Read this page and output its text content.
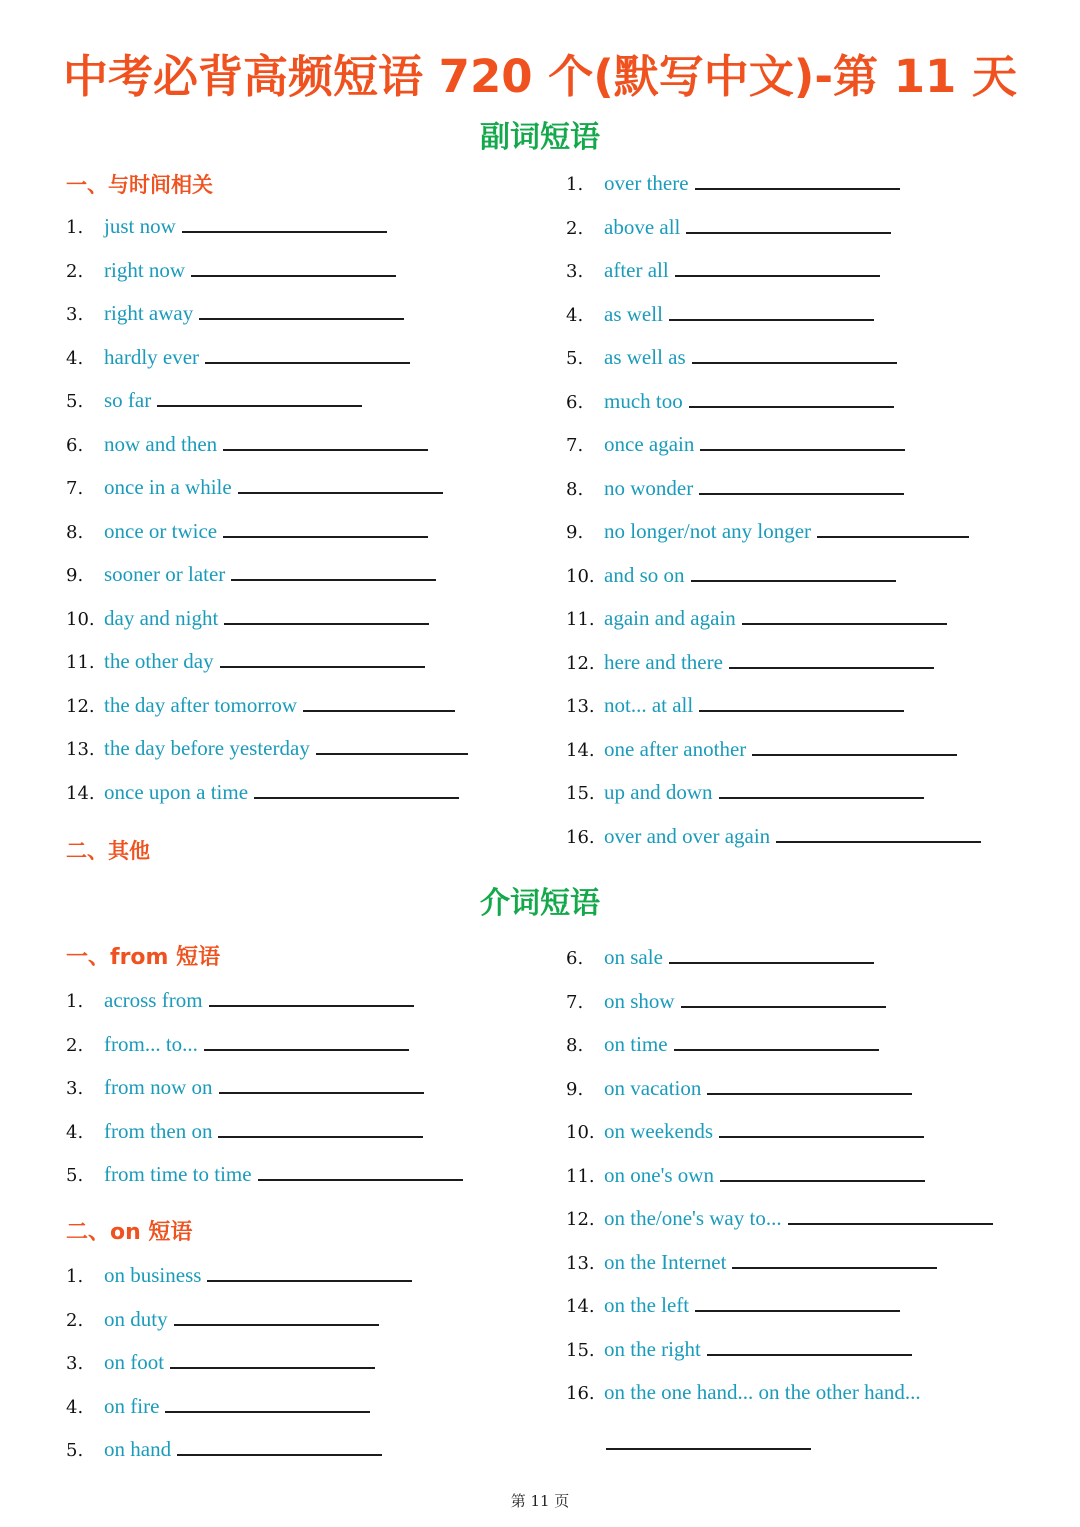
中考必背高频短语 720 个(默写中文)-第 11 天
副词短语
一、与时间相关
二、其他
1. just now
2. right now
3. right away
4. hardly ever
5. so far
6. now and then
7. once in a while
8. once or twice
9. sooner or later
10. day and night
11. the other day
12. the day after tomorrow
13. the day before yesterday
14. once upon a time
1. over there
2. above all
3. after all
4. as well
5. as well as
6. much too
7. once again
8. no wonder
9. no longer/not any longer
10. and so on
11. again and again
12. here and there
13. not... at all
14. one after another
15. up and down
16. over and over again
介词短语
一、from 短语
二、on 短语
1. across from
2. from... to...
3. from now on
4. from then on
5. from time to time
1. on business
2. on duty
3. on foot
4. on fire
5. on hand
6. on sale
7. on show
8. on time
9. on vacation
10. on weekends
11. on one's own
12. on the/one's way to...
13. on the Internet
14. on the left
15. on the right
16. on the one hand... on the other hand...
第 11 页
